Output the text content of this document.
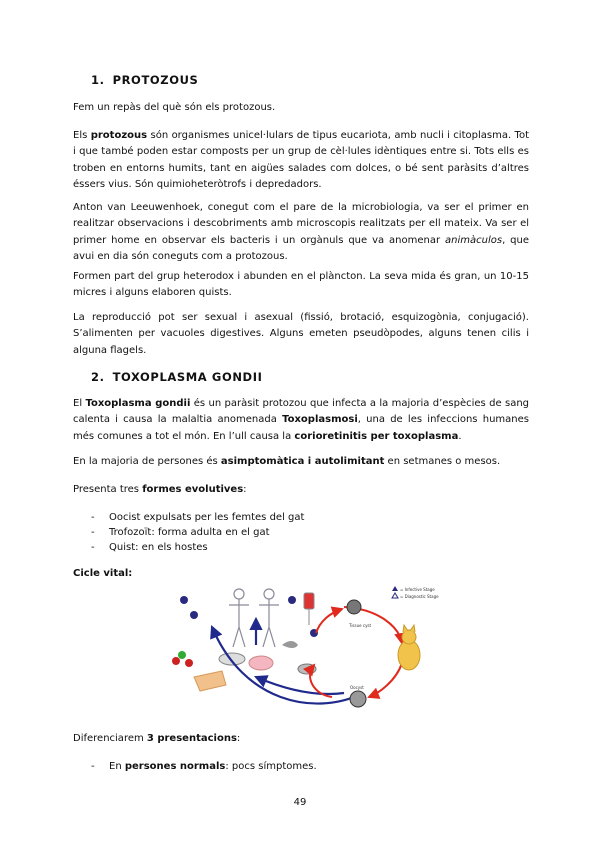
1. PROTOZOUS

Fem un repàs del què són els protozous.

Els protozous són organismes unicel·lulars de tipus eucariota, amb nucli i citoplasma. Tot i que també poden estar composts per un grup de cèl·lules idèntiques entre si. Tots ells es troben en entorns humits, tant en aigües salades com dolces, o bé sent paràsits d’altres éssers vius. Són quimioheteròtrofs i depredadors.

Anton van Leeuwenhoek, conegut com el pare de la microbiologia, va ser el primer en realitzar observacions i descobriments amb microscopis realitzats per ell mateix. Va ser el primer home en observar els bacteris i un orgànuls que va anomenar animàculos, que avui en dia són coneguts com a protozous.

Formen part del grup heterodox i abunden en el plàncton. La seva mida és gran, un 10-15 micres i alguns elaboren quists.

La reproducció pot ser sexual i asexual (fissió, brotació, esquizogònia, conjugació). S’alimenten per vacuoles digestives. Alguns emeten pseudòpodes, alguns tenen cilis i alguna flagels.

2. TOXOPLASMA GONDII

El Toxoplasma gondii és un paràsit protozou que infecta a la majoria d’espècies de sang calenta i causa la malaltia anomenada Toxoplasmosi, una de les infeccions humanes més comunes a tot el món. En l’ull causa la corioretinitis per toxoplasma.

En la majoria de persones és asimptomàtica i autolimitant en setmanes o mesos.

Presenta tres formes evolutives:

- Oocist expulsats per les femtes del gat
- Trofozoït: forma adulta en el gat
- Quist: en els hostes

Cicle vital:

Tissue cyst
Oocyst
= Infective Stage
= Diagnostic Stage

Diferenciarem 3 presentacions:

- En persones normals: pocs símptomes.
49
